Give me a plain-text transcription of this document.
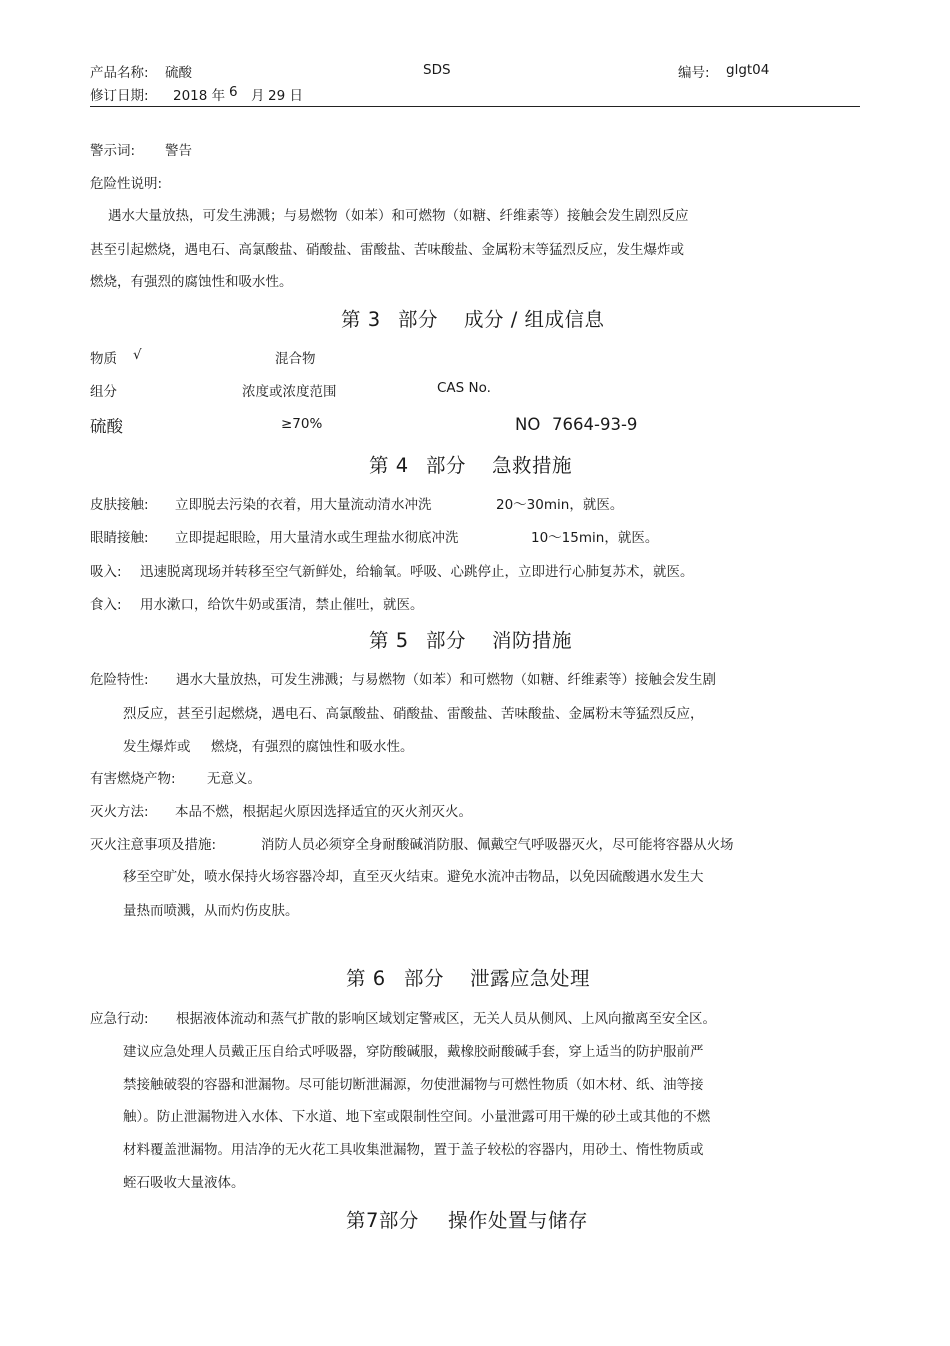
产品名称: 硫酸	SDS	编号: glgt04
修订日期: 2018 年 6 月 29 日
警示词: 警告
危险性说明:
遇水大量放热，可发生沸溅；与易燃物（如苯）和可燃物（如糖、纤维素等）接触会发生剧烈反应
甚至引起燃烧，遇电石、高氯酸盐、硝酸盐、雷酸盐、苦味酸盐、金属粉末等猛烈反应，发生爆炸或
燃烧，有强烈的腐蚀性和吸水性。
第 3 部分 成分 / 组成信息
物质 √	混合物
组分	浓度或浓度范围	CAS No.
硫酸	≥70%	NO 7664-93-9
第 4 部分 急救措施
皮肤接触: 立即脱去污染的衣着，用大量流动清水冲洗	20～30min，就医。
眼睛接触: 立即提起眼睑，用大量清水或生理盐水彻底冲洗	10～15min，就医。
吸入: 迅速脱离现场并转移至空气新鲜处，给输氧。呼吸、心跳停止，立即进行心肺复苏术，就医。
食入: 用水漱口，给饮牛奶或蛋清，禁止催吐，就医。
第 5 部分 消防措施
危险特性: 遇水大量放热，可发生沸溅；与易燃物（如苯）和可燃物（如糖、纤维素等）接触会发生剧
烈反应，甚至引起燃烧，遇电石、高氯酸盐、硝酸盐、雷酸盐、苦味酸盐、金属粉末等猛烈反应，
发生爆炸或 燃烧，有强烈的腐蚀性和吸水性。
有害燃烧产物: 无意义。
灭火方法: 本品不燃，根据起火原因选择适宜的灭火剂灭火。
灭火注意事项及措施:	消防人员必须穿全身耐酸碱消防服、佩戴空气呼吸器灭火，尽可能将容器从火场
移至空旷处，喷水保持火场容器冷却，直至灭火结束。避免水流冲击物品，以免因硫酸遇水发生大
量热而喷溅，从而灼伤皮肤。
第 6 部分 泄露应急处理
应急行动: 根据液体流动和蒸气扩散的影响区域划定警戒区，无关人员从侧风、上风向撤离至安全区。
建议应急处理人员戴正压自给式呼吸器，穿防酸碱服，戴橡胶耐酸碱手套，穿上适当的防护服前严
禁接触破裂的容器和泄漏物。尽可能切断泄漏源，勿使泄漏物与可燃性物质（如木材、纸、油等接
触）。防止泄漏物进入水体、下水道、地下室或限制性空间。小量泄露可用干燥的砂土或其他的不燃
材料覆盖泄漏物。用洁净的无火花工具收集泄漏物，置于盖子较松的容器内，用砂土、惰性物质或
蛭石吸收大量液体。
第7部分 操作处置与储存
